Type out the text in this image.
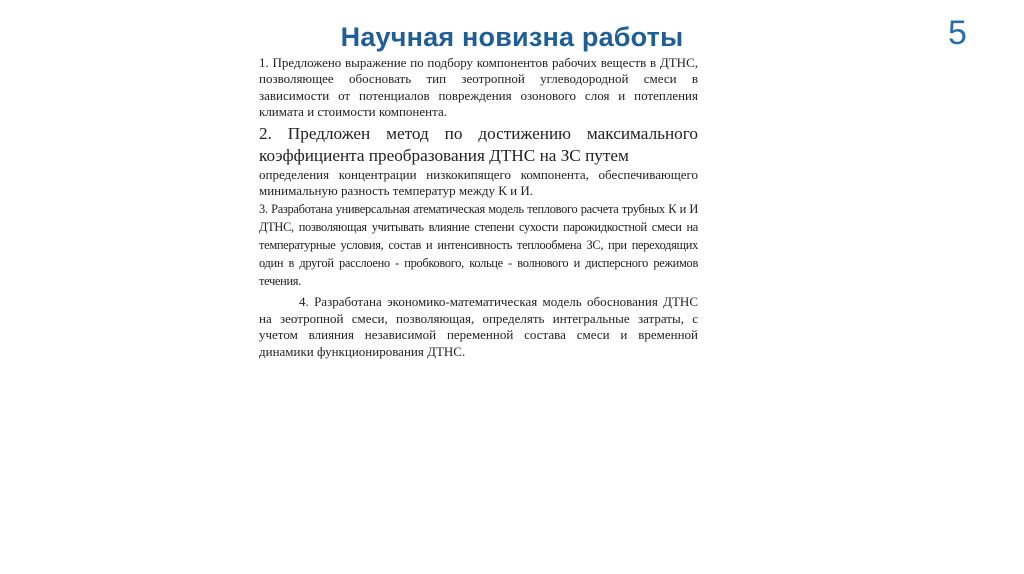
Научная новизна работы	5

1. Предложено выражение по подбору компонентов рабочих веществ в ДТНС, позволяющее обосновать тип зеотропной углеводородной смеси в зависимости от потенциалов повреждения озонового слоя и потепления климата и стоимости компонента.

2. Предложен метод по достижению максимального коэффициента преобразования ДТНС на ЗС путем

определения концентрации низкокипящего компонента, обеспечивающего минимальную разность температур между К и И.

3. Разработана универсальная атематическая модель теплового расчета трубных К и И ДТНС, позволяющая учитывать влияние степени сухости парожидкостной смеси на температурные условия, состав и интенсивность теплообмена ЗС, при переходящих один в другой расслоено - пробкового, кольце - волнового и дисперсного режимов течения.

4. Разработана экономико-математическая модель обоснования ДТНС на зеотропной смеси, позволяющая, определять интегральные затраты, с учетом влияния независимой переменной состава смеси и временной динамики функционирования ДТНС.
